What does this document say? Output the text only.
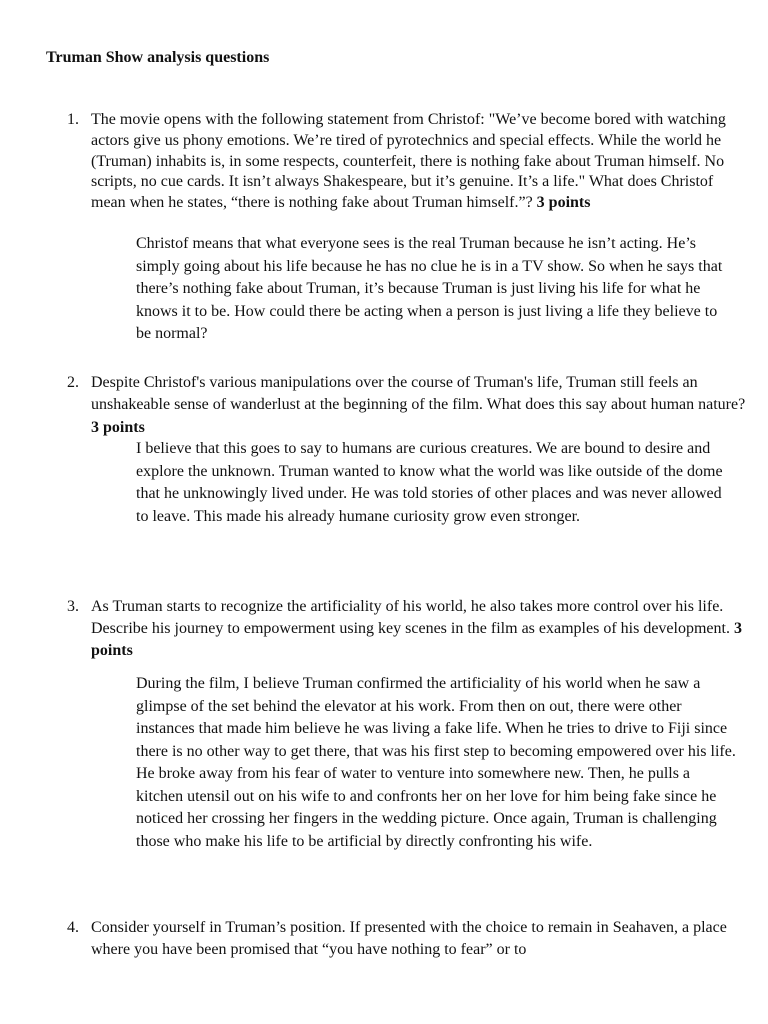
Truman Show analysis questions
1. The movie opens with the following statement from Christof: "We’ve become bored with watching actors give us phony emotions. We’re tired of pyrotechnics and special effects. While the world he (Truman) inhabits is, in some respects, counterfeit, there is nothing fake about Truman himself. No scripts, no cue cards. It isn’t always Shakespeare, but it’s genuine. It’s a life." What does Christof mean when he states, “there is nothing fake about Truman himself.”? 3 points
Christof means that what everyone sees is the real Truman because he isn’t acting. He’s simply going about his life because he has no clue he is in a TV show. So when he says that there’s nothing fake about Truman, it’s because Truman is just living his life for what he knows it to be. How could there be acting when a person is just living a life they believe to be normal?
2. Despite Christof's various manipulations over the course of Truman's life, Truman still feels an unshakeable sense of wanderlust at the beginning of the film. What does this say about human nature? 3 points
I believe that this goes to say to humans are curious creatures. We are bound to desire and explore the unknown. Truman wanted to know what the world was like outside of the dome that he unknowingly lived under. He was told stories of other places and was never allowed to leave. This made his already humane curiosity grow even stronger.
3. As Truman starts to recognize the artificiality of his world, he also takes more control over his life. Describe his journey to empowerment using key scenes in the film as examples of his development. 3 points
During the film, I believe Truman confirmed the artificiality of his world when he saw a glimpse of the set behind the elevator at his work. From then on out, there were other instances that made him believe he was living a fake life. When he tries to drive to Fiji since there is no other way to get there, that was his first step to becoming empowered over his life. He broke away from his fear of water to venture into somewhere new. Then, he pulls a kitchen utensil out on his wife to and confronts her on her love for him being fake since he noticed her crossing her fingers in the wedding picture. Once again, Truman is challenging those who make his life to be artificial by directly confronting his wife.
4. Consider yourself in Truman’s position. If presented with the choice to remain in Seahaven, a place where you have been promised that “you have nothing to fear” or to
